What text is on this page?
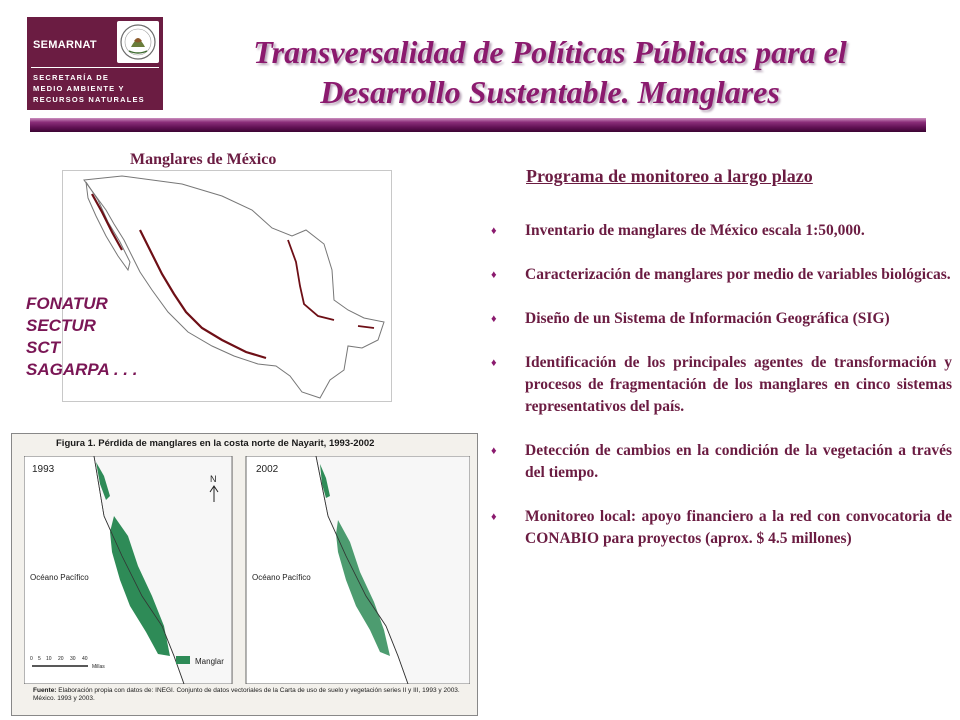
SEMARNAT
SECRETARÍA DE
MEDIO AMBIENTE Y
RECURSOS NATURALES
Transversalidad de Políticas Públicas para el
Desarrollo Sustentable. Manglares
Manglares de México
FONATUR
SECTUR
SCT
SAGARPA . . .
Figura 1. Pérdida de manglares en la costa norte de Nayarit, 1993-2002
Manglar
1993
Océano Pacífico
N
0 5 10 20 30 40
Millas
2002
Océano Pacífico
Fuente: Elaboración propia con datos de: INEGI. Conjunto de datos vectoriales de la Carta de uso de suelo y vegetación series II y III, 1993 y 2003. México. 1993 y 2003.
Programa de monitoreo a largo plazo
♦ Inventario de manglares de México escala 1:50,000.
♦ Caracterización de manglares por medio de variables biológicas.
♦ Diseño de un Sistema de Información Geográfica (SIG)
♦ Identificación de los principales agentes de transformación y procesos de fragmentación de los manglares en cinco sistemas representativos del país.
♦ Detección de cambios en la condición de la vegetación a través del tiempo.
♦ Monitoreo local: apoyo financiero a la red con convocatoria de CONABIO para proyectos (aprox. $ 4.5 millones)
